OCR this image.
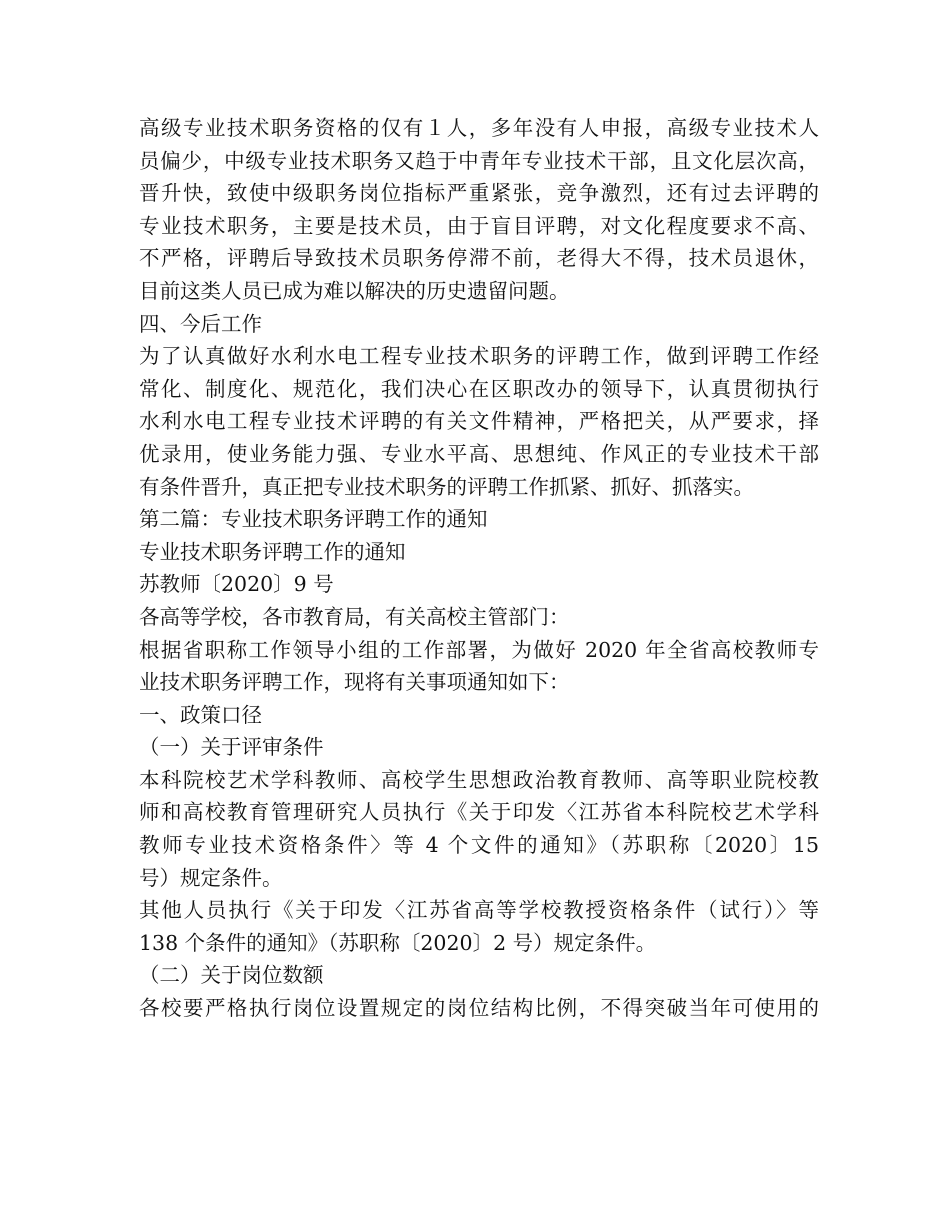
高级专业技术职务资格的仅有１人，多年没有人申报，高级专业技术人
员偏少，中级专业技术职务又趋于中青年专业技术干部，且文化层次高，
晋升快，致使中级职务岗位指标严重紧张，竞争激烈，还有过去评聘的
专业技术职务，主要是技术员，由于盲目评聘，对文化程度要求不高、
不严格，评聘后导致技术员职务停滞不前，老得大不得，技术员退休，
目前这类人员已成为难以解决的历史遗留问题。
四、今后工作
为了认真做好水利水电工程专业技术职务的评聘工作，做到评聘工作经
常化、制度化、规范化，我们决心在区职改办的领导下，认真贯彻执行
水利水电工程专业技术评聘的有关文件精神，严格把关，从严要求，择
优录用，使业务能力强、专业水平高、思想纯、作风正的专业技术干部
有条件晋升，真正把专业技术职务的评聘工作抓紧、抓好、抓落实。
第二篇：专业技术职务评聘工作的通知
专业技术职务评聘工作的通知
苏教师〔2020〕9 号
各高等学校，各市教育局，有关高校主管部门：
根据省职称工作领导小组的工作部署，为做好 2020 年全省高校教师专
业技术职务评聘工作，现将有关事项通知如下：
一、政策口径
（一）关于评审条件
本科院校艺术学科教师、高校学生思想政治教育教师、高等职业院校教
师和高校教育管理研究人员执行《关于印发〈江苏省本科院校艺术学科
教师专业技术资格条件〉等 4 个文件的通知》（苏职称〔2020〕15
号）规定条件。
其他人员执行《关于印发〈江苏省高等学校教授资格条件（试行）〉等
138 个条件的通知》（苏职称〔2020〕2 号）规定条件。
（二）关于岗位数额
各校要严格执行岗位设置规定的岗位结构比例，不得突破当年可使用的
